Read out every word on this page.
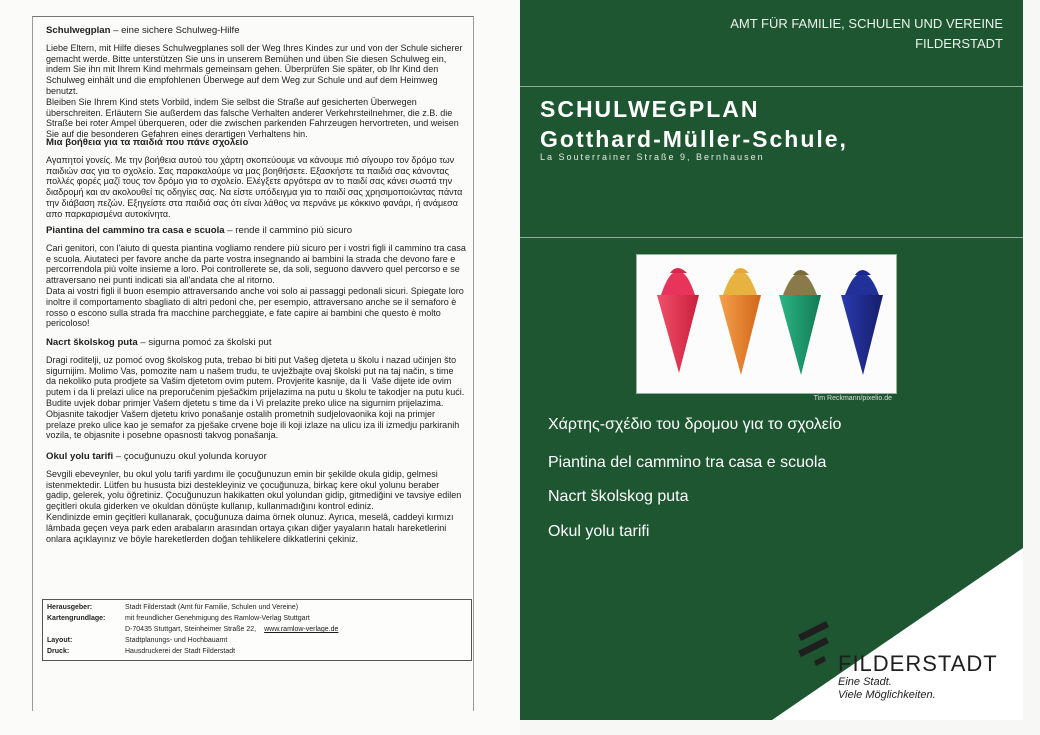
Schulwegplan – eine sichere Schulweg-Hilfe

Liebe Eltern, mit Hilfe dieses Schulwegplanes soll der Weg Ihres Kindes zur und von der Schule sicherer gemacht werde. Bitte unterstützen Sie uns in unserem Bemühen und üben Sie diesen Schulweg ein, indem Sie ihn mit Ihrem Kind mehrmals gemeinsam gehen. Überprüfen Sie später, ob Ihr Kind den Schulweg einhält und die empfohlenen Überwege auf dem Weg zur Schule und auf dem Heimweg benutzt.
Bleiben Sie Ihrem Kind stets Vorbild, indem Sie selbst die Straße auf gesicherten Überwegen überschreiten. Erläutern Sie außerdem das falsche Verhalten anderer Verkehrsteilnehmer, die z.B. die Straße bei roter Ampel überqueren, oder die zwischen parkenden Fahrzeugen hervortreten, und weisen Sie auf die besonderen Gefahren eines derartigen Verhaltens hin.

Μια βοήθεια για τα παιδιά που πάνε σχολείο

Αγαπητοί γονείς. Με την βοήθεια αυτού του χάρτη σκοπεύουμε να κάνουμε πιό σίγουρο τον δρόμο των παιδιών σας για το σχολείο. Σας παρακαλούμε να μας βοηθήσετε. Εξασκήστε τα παιδιά σας κάνοντας πολλές φορές μαζί τους τον δρόμο για το σχολείο. Ελέγξετε αργότερα αν το παιδί σας κάνει σωστά την διαδρομή και αν ακολουθεί τις οδηγίες σας. Να είστε υπόδειγμα για το παιδί σας χρησιμοποιώντας πάντα την διάβαση πεζών. Εξηγείστε στα παιδιά σας ότι είναι λάθος να περνάνε με κόκκινο φανάρι, ή ανάμεσα απο παρκαρισμένα αυτοκίνητα.

Piantina del cammino tra casa e scuola – rende il cammino più sicuro

Cari genitori, con l'aiuto di questa piantina vogliamo rendere più sicuro per i vostri figli il cammino tra casa e scuola. Aiutateci per favore anche da parte vostra insegnando ai bambini la strada che devono fare e percorrendola più volte insieme a loro. Poi controllerete se, da soli, seguono davvero quel percorso e se attraversano nei punti indicati sia all'andata che al ritorno.
Data ai vostri figli il buon esempio attraversando anche voi solo ai passaggi pedonali sicuri. Spiegate loro inoltre il comportamento sbagliato di altri pedoni che, per esempio, attraversano anche se il semaforo è rosso o escono sulla strada fra macchine parcheggiate, e fate capire ai bambini che questo è molto pericoloso!

Nacrt školskog puta – sigurna pomoć za školski put

Dragi roditelji, uz pomoć ovog školskog puta, trebao bi biti put Vašeg djeteta u školu i nazad učinjen što sigurnijim. Molimo Vas, pomozite nam u našem trudu, te uvježbajte ovaj školski put na taj način, s time da nekoliko puta prodjete sa Vašim djetetom ovim putem. Provjerite kasnije, da li  Vaše dijete ide ovim putem i da li prelazi ulice na preporučenim pješačkim prijelazima na putu u školu te takodjer na putu kući.
Budite uvjek dobar primjer Vašem djetetu s time da i Vi prelazite preko ulice na sigurnim prijelazima. Objasnite takodjer Vašem djetetu krivo ponašanje ostalih prometnih sudjelovaonika koji na primjer prelaze preko ulice kao je semafor za pješake crvene boje ili koji izlaze na ulicu iza ili izmedju parkiranih vozila, te objasnite i posebne opasnosti takvog ponašanja.

Okul yolu tarifi – çocuğunuzu okul yolunda koruyor

Sevgili ebeveynler, bu okul yolu tarifi yardımı ile çocuğunuzun emin bir şekilde okula gidip, gelmesi istenmektedir. Lütfen bu hususta bizi destekleyiniz ve çocuğunuza, birkaç kere okul yolunu beraber gadip, gelerek, yolu öğretiniz. Çocuğunuzun hakikatten okul yolundan gidip, gitmediğini ve tavsiye edilen geçitleri okula giderken ve okuldan dönüşte kullanıp, kullanmadığını kontrol ediniz.
Kendinizde emin geçitleri kullanarak, çocuğunuza daima örnek olunuz. Ayrıca, meselâ, caddeyi kırmızı lâmbada geçen veya park eden arabaların arasından ortaya çıkan diğer yayaların hatalı hareketlerini onlara açıklayınız ve böyle hareketlerden doğan tehlikelere dikkatlerini çekiniz.

Herausgeber:	Stadt Filderstadt (Amt für Familie, Schulen und Vereine)
Kartengrundlage:	mit freundlicher Genehmigung des Ramlow-Verlag Stuttgart
D-70435 Stuttgart, Steinheimer Straße 22, www.ramlow-verlage.de
Layout:	Stadtplanungs- und Hochbauamt
Druck:	Hausdruckerei der Stadt Filderstadt
AMT FÜR FAMILIE, SCHULEN UND VEREINE
FILDERSTADT
SCHULWEGPLAN
Gotthard-Müller-Schule,
La Souterrainer Straße 9, Bernhausen
Tim Reckmann/pixelio.de
Χάρτης-σχέδιο του δρομου για το σχολείο
Piantina del cammino tra casa e scuola
Nacrt školskog puta
Okul yolu tarifi
FILDERSTADT
Eine Stadt.
Viele Möglichkeiten.
